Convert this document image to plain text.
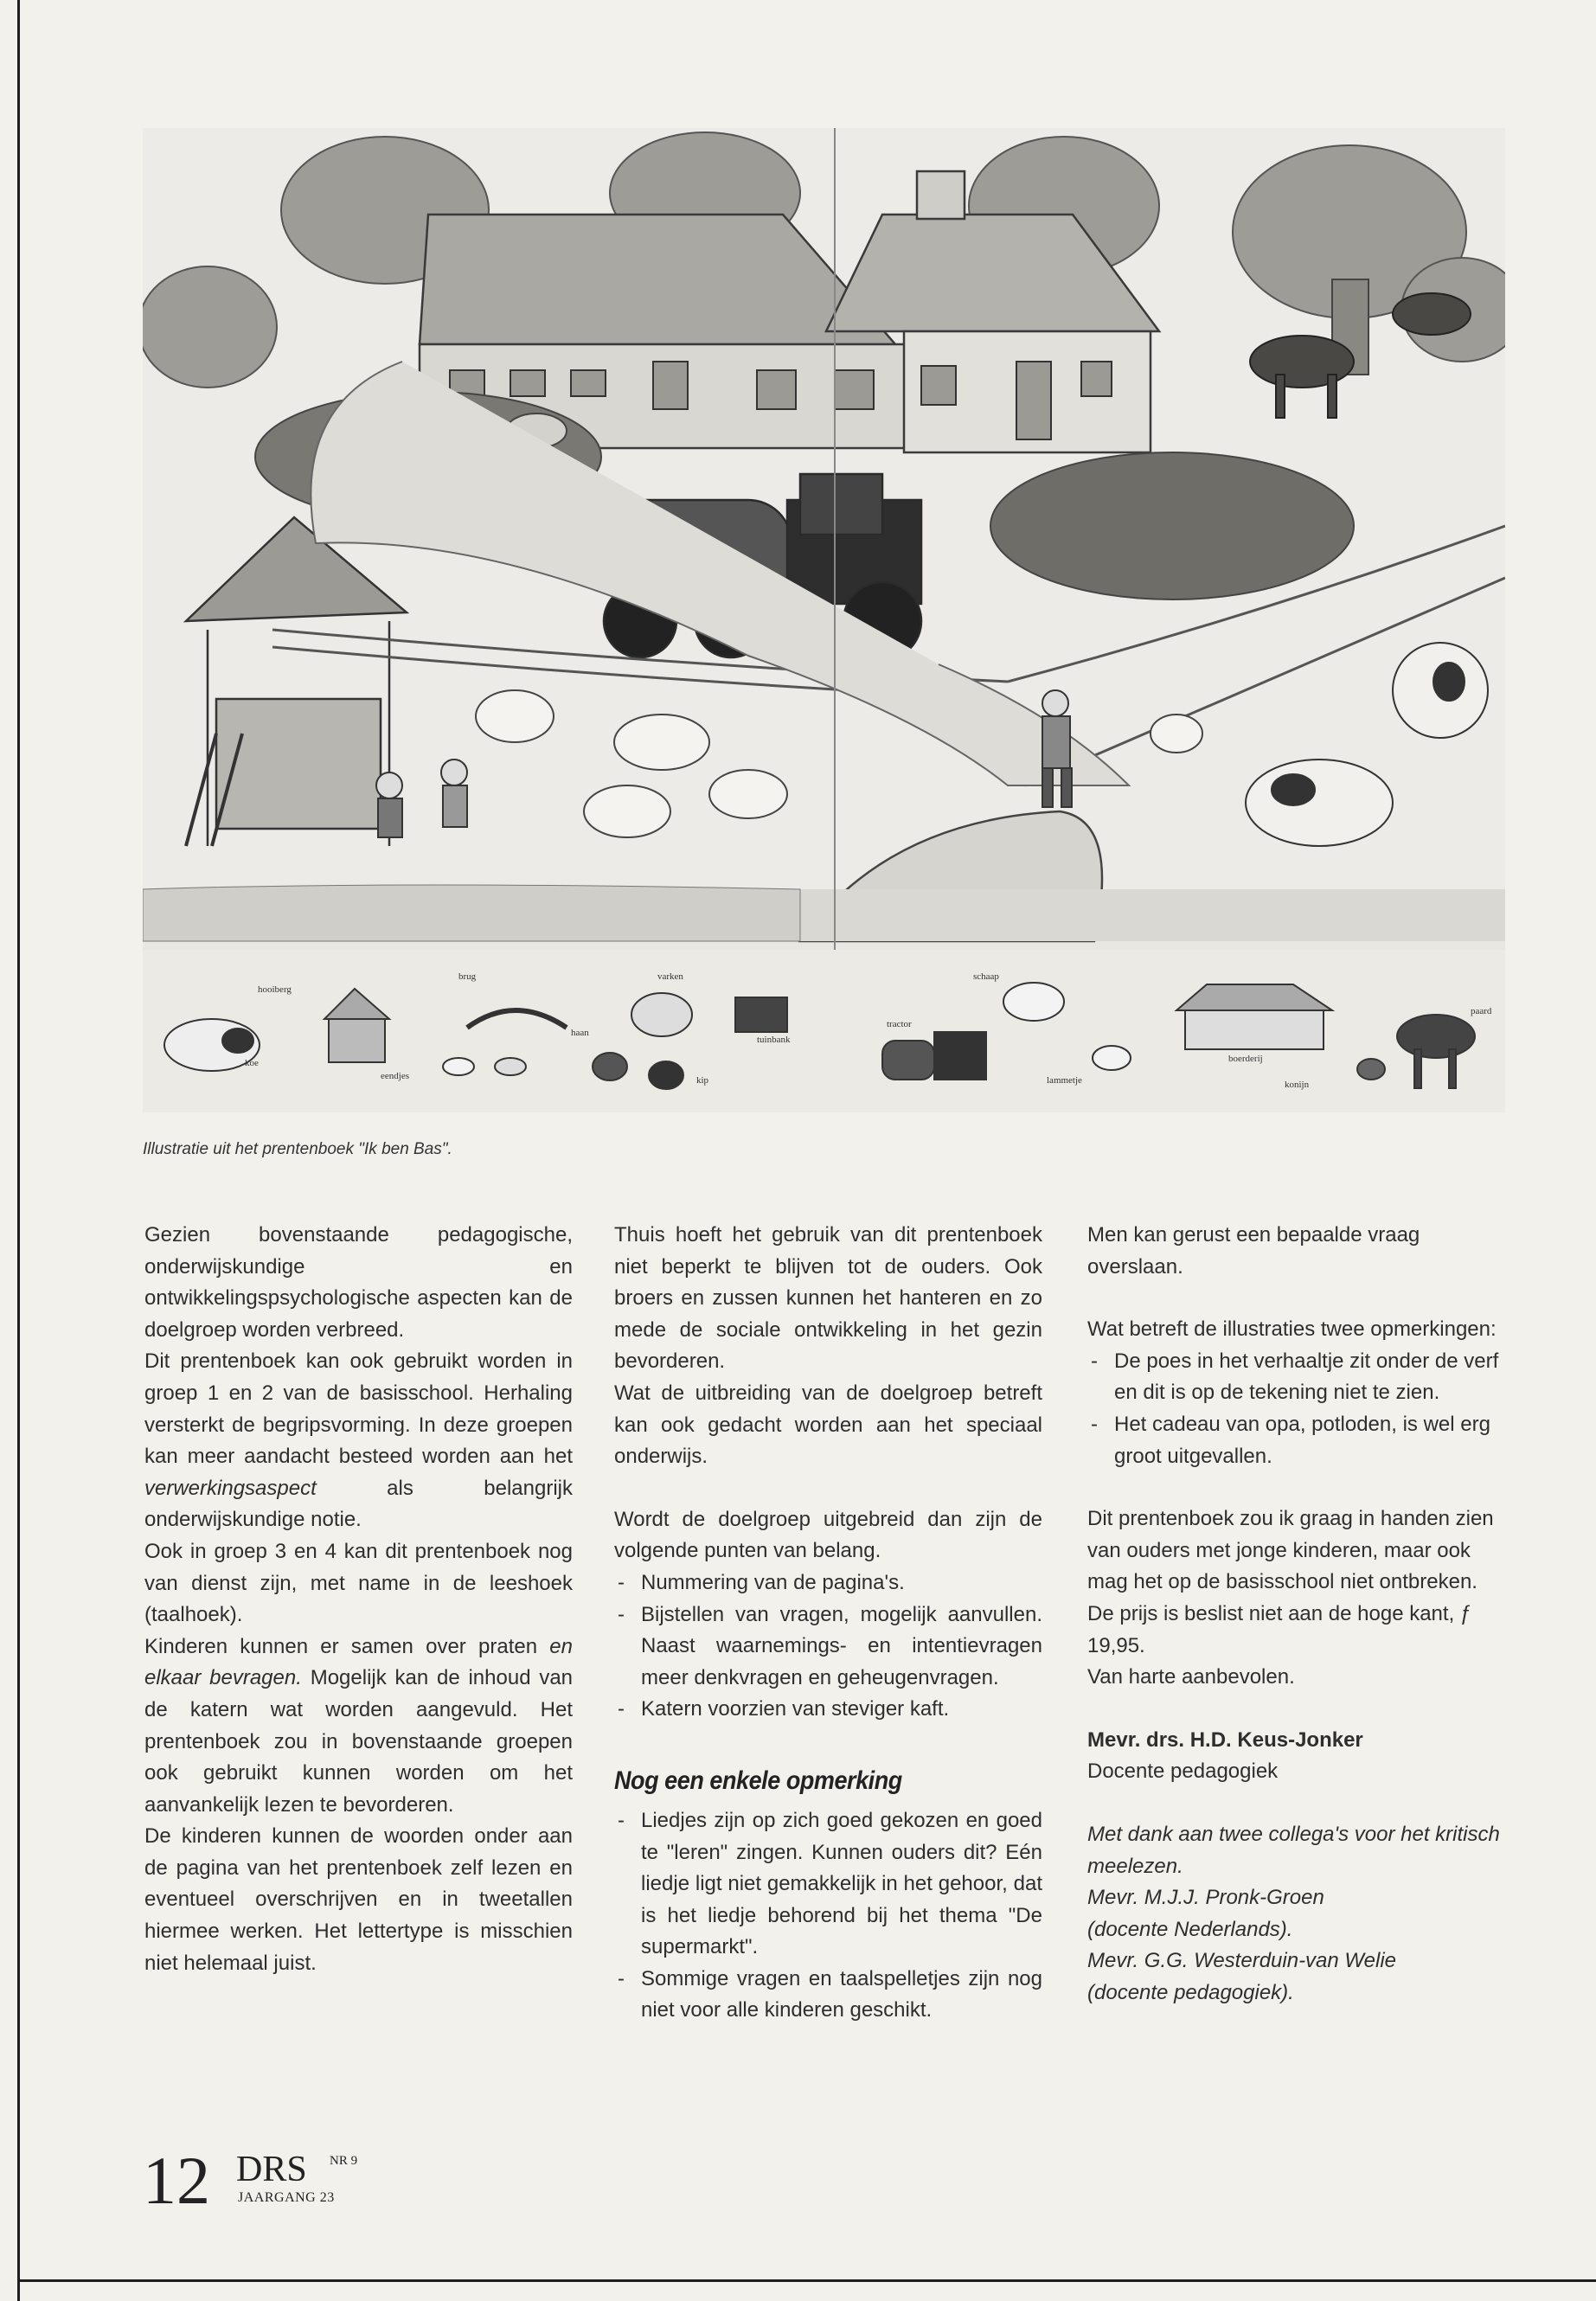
hooiberg
koe
eendjes
brug
haan
varken
kip
tuinbank
schaap
tractor
lammetje
boerderij
konijn
paard
Illustratie uit het prentenboek "Ik ben Bas".

Gezien bovenstaande pedagogische, onderwijskundige en ontwikkelingspsychologische aspecten kan de doelgroep worden verbreed.

Dit prentenboek kan ook gebruikt worden in groep 1 en 2 van de basisschool. Herhaling versterkt de begripsvorming. In deze groepen kan meer aandacht besteed worden aan het verwerkingsaspect	als belangrijk onderwijskundige notie.

Ook in groep 3 en 4 kan dit prentenboek nog van dienst zijn, met name in de leeshoek (taalhoek).

Kinderen kunnen er samen over praten en elkaar bevragen. Mogelijk kan de inhoud van de katern wat worden aangevuld. Het prentenboek zou in bovenstaande groepen ook gebruikt kunnen worden om het aanvankelijk lezen te bevorderen.

De kinderen kunnen de woorden onder aan de pagina van het prentenboek zelf lezen en eventueel overschrijven en in tweetallen hiermee werken. Het lettertype is misschien niet helemaal juist.

Thuis hoeft het gebruik van dit prentenboek niet beperkt te blijven tot de ouders. Ook broers en zussen kunnen het hanteren en zo mede de sociale ontwikkeling in het gezin bevorderen.

Wat de uitbreiding van de doelgroep betreft kan ook gedacht worden aan het speciaal onderwijs.

Wordt de doelgroep uitgebreid dan zijn de volgende punten van belang.

- Nummering van de pagina's.
- Bijstellen van vragen, mogelijk aanvullen. Naast waarnemings- en intentievragen meer denkvragen en geheugenvragen.
- Katern voorzien van steviger kaft.
Nog een enkele opmerking
- Liedjes zijn op zich goed gekozen en goed te "leren" zingen. Kunnen ouders dit? Eén liedje ligt niet gemakkelijk in het gehoor, dat is het liedje behorend bij het thema "De supermarkt".
- Sommige vragen en taalspelletjes zijn nog niet voor alle kinderen geschikt.

Men kan gerust een bepaalde vraag overslaan.

Wat betreft de illustraties twee opmerkingen:

- De poes in het verhaaltje zit onder de verf en dit is op de tekening niet te zien.
- Het cadeau van opa, potloden, is wel erg groot uitgevallen.

Dit prentenboek zou ik graag in handen zien van ouders met jonge kinderen, maar ook mag het op de basisschool niet ontbreken.

De prijs is beslist niet aan de hoge kant, ƒ 19,95.

Van harte aanbevolen.

Mevr. drs. H.D. Keus-Jonker

Docente pedagogiek

Met dank aan twee collega's voor het kritisch meelezen.

Mevr. M.J.J. Pronk-Groen

(docente Nederlands).

Mevr. G.G. Westerduin-van Welie

(docente pedagogiek).

12 DRS NR 9
JAARGANG 23
